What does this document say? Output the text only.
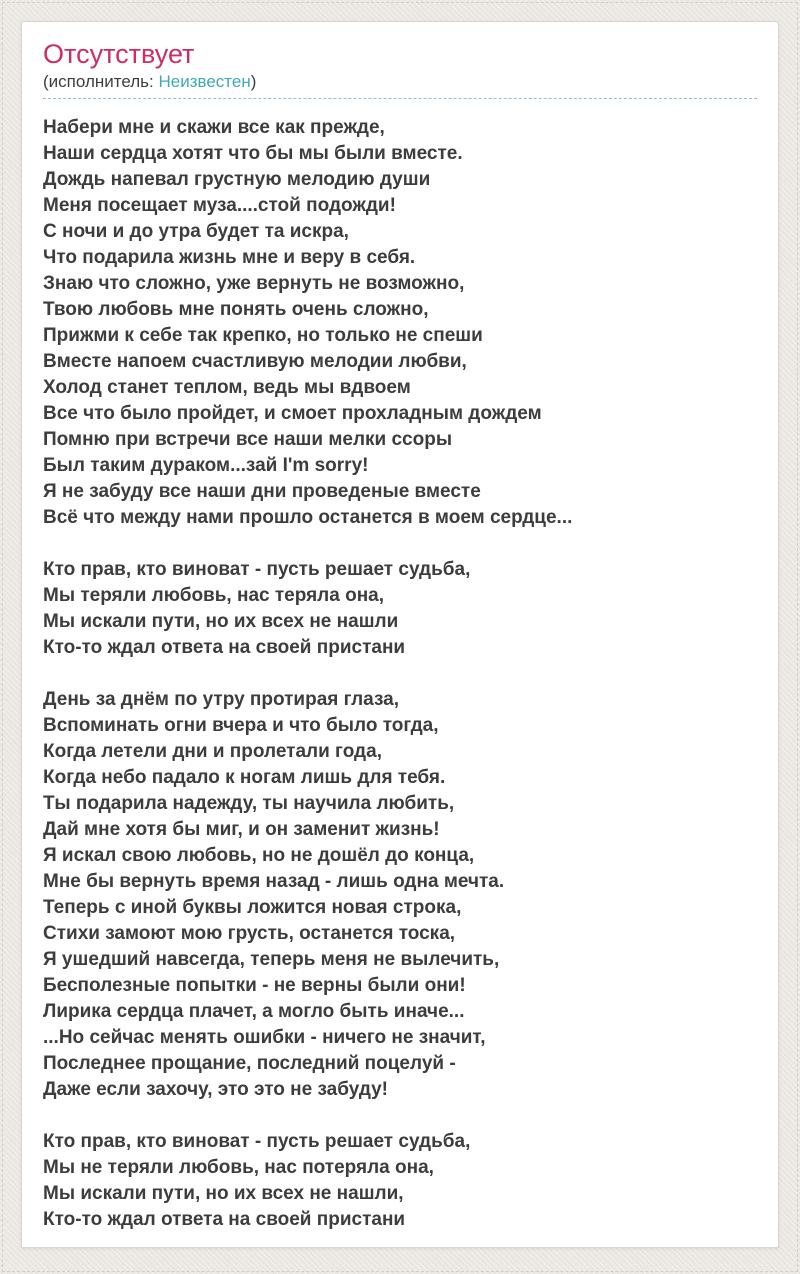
Отсутствует
(исполнитель: Неизвестен)
Набери мне и скажи все как прежде,
Наши сердца хотят что бы мы были вместе.
Дождь напевал грустную мелодию души
Меня посещает муза....стой подожди!
С ночи и до утра будет та искра,
Что подарила жизнь мне и веру в себя.
Знаю что сложно, уже вернуть не возможно,
Твою любовь мне понять очень сложно,
Прижми к себе так крепко, но только не спеши
Вместе напоем счастливую мелодии любви,
Холод станет теплом, ведь мы вдвоем
Все что было пройдет, и смоет прохладным дождем
Помню при встречи все наши мелки ссоры
Был таким дураком...зай I'm sorry!
Я не забуду все наши дни проведеные вместе
Всё что между нами прошло останется в моем сердце...
Кто прав, кто виноват - пусть решает судьба,
Мы теряли любовь, нас теряла она,
Мы искали пути, но их всех не нашли
Кто-то ждал ответа на своей пристани
День за днём по утру протирая глаза,
Вспоминать огни вчера и что было тогда,
Когда летели дни и пролетали года,
Когда небо падало к ногам лишь для тебя.
Ты подарила надежду, ты научила любить,
Дай мне хотя бы миг, и он заменит жизнь!
Я искал свою любовь, но не дошёл до конца,
Мне бы вернуть время назад - лишь одна мечта.
Теперь с иной буквы ложится новая строка,
Стихи замоют мою грусть, останется тоска,
Я ушедший навсегда, теперь меня не вылечить,
Бесполезные попытки - не верны были они!
Лирика сердца плачет, а могло быть иначе...
...Но сейчас менять ошибки - ничего не значит,
Последнее прощание, последний поцелуй -
Даже если захочу, это это не забуду!
Кто прав, кто виноват - пусть решает судьба,
Мы не теряли любовь, нас потеряла она,
Мы искали пути, но их всех не нашли,
Кто-то ждал ответа на своей пристани
